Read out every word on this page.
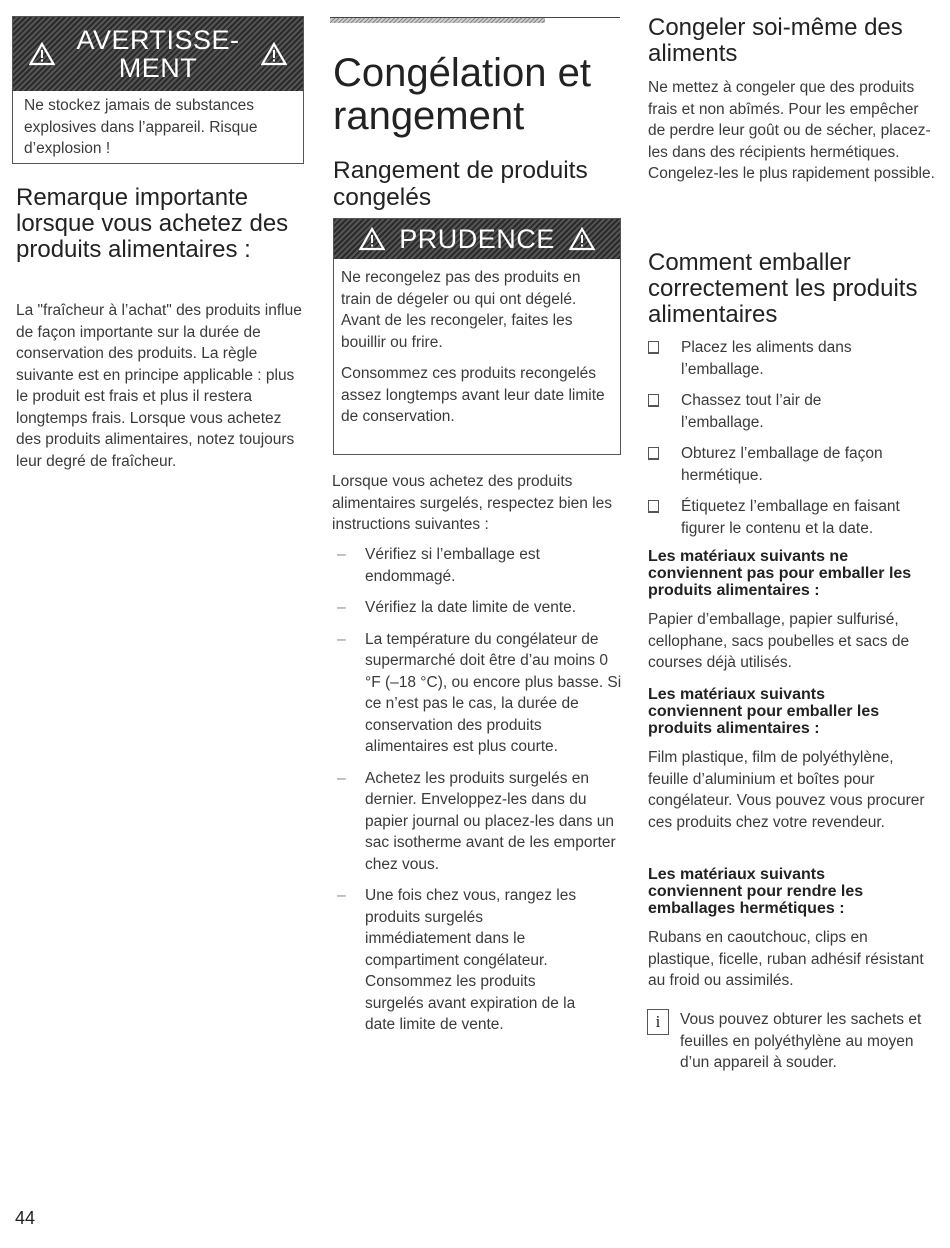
AVERTISSE-
MENT

Ne stockez jamais de substances explosives dans l’appareil. Risque d’explosion !

Remarque importante lorsque vous achetez des produits alimentaires :

La "fraîcheur à l’achat" des produits influe de façon importante sur la durée de conservation des produits. La règle suivante est en principe applicable : plus le produit est frais et plus il restera longtemps frais. Lorsque vous achetez des produits alimentaires, notez toujours leur degré de fraîcheur.

Congélation et rangement
Rangement de produits congelés
PRUDENCE

Ne recongelez pas des produits en train de dégeler ou qui ont dégelé. Avant de les recongeler, faites les bouillir ou frire.

Consommez ces produits recongelés assez longtemps avant leur date limite de conservation.

Lorsque vous achetez des produits alimentaires surgelés, respectez bien les instructions suivantes :

– Vérifiez si l’emballage est endommagé.
– Vérifiez la date limite de vente.
– La température du congélateur de supermarché doit être d’au moins 0 °F (–18 °C), ou encore plus basse. Si ce n’est pas le cas, la durée de conservation des produits alimentaires est plus courte.
– Achetez les produits surgelés en dernier. Enveloppez-les dans du papier journal ou placez-les dans un sac isotherme avant de les emporter chez vous.
– Une fois chez vous, rangez les produits surgelés immédiatement dans le compartiment congélateur. Consommez les produits surgelés avant expiration de la date limite de vente.
Congeler soi-même des aliments

Ne mettez à congeler que des produits frais et non abîmés. Pour les empêcher de perdre leur goût ou de sécher, placez-les dans des récipients hermétiques. Congelez-les le plus rapidement possible.

Comment emballer correctement les produits alimentaires
Placez les aliments dans l’emballage.
Chassez tout l’air de l’emballage.
Obturez l’emballage de façon hermétique.
Étiquetez l’emballage en faisant figurer le contenu et la date.
Les matériaux suivants ne conviennent pas pour emballer les produits alimentaires :

Papier d’emballage, papier sulfurisé, cellophane, sacs poubelles et sacs de courses déjà utilisés.

Les matériaux suivants conviennent pour emballer les produits alimentaires :

Film plastique, film de polyéthylène, feuille d’aluminium et boîtes pour congélateur. Vous pouvez vous procurer ces produits chez votre revendeur.

Les matériaux suivants conviennent pour rendre les emballages hermétiques :

Rubans en caoutchouc, clips en plastique, ficelle, ruban adhésif résistant au froid ou assimilés.

i	Vous pouvez obturer les sachets et feuilles en polyéthylène au moyen d’un appareil à souder.

44
